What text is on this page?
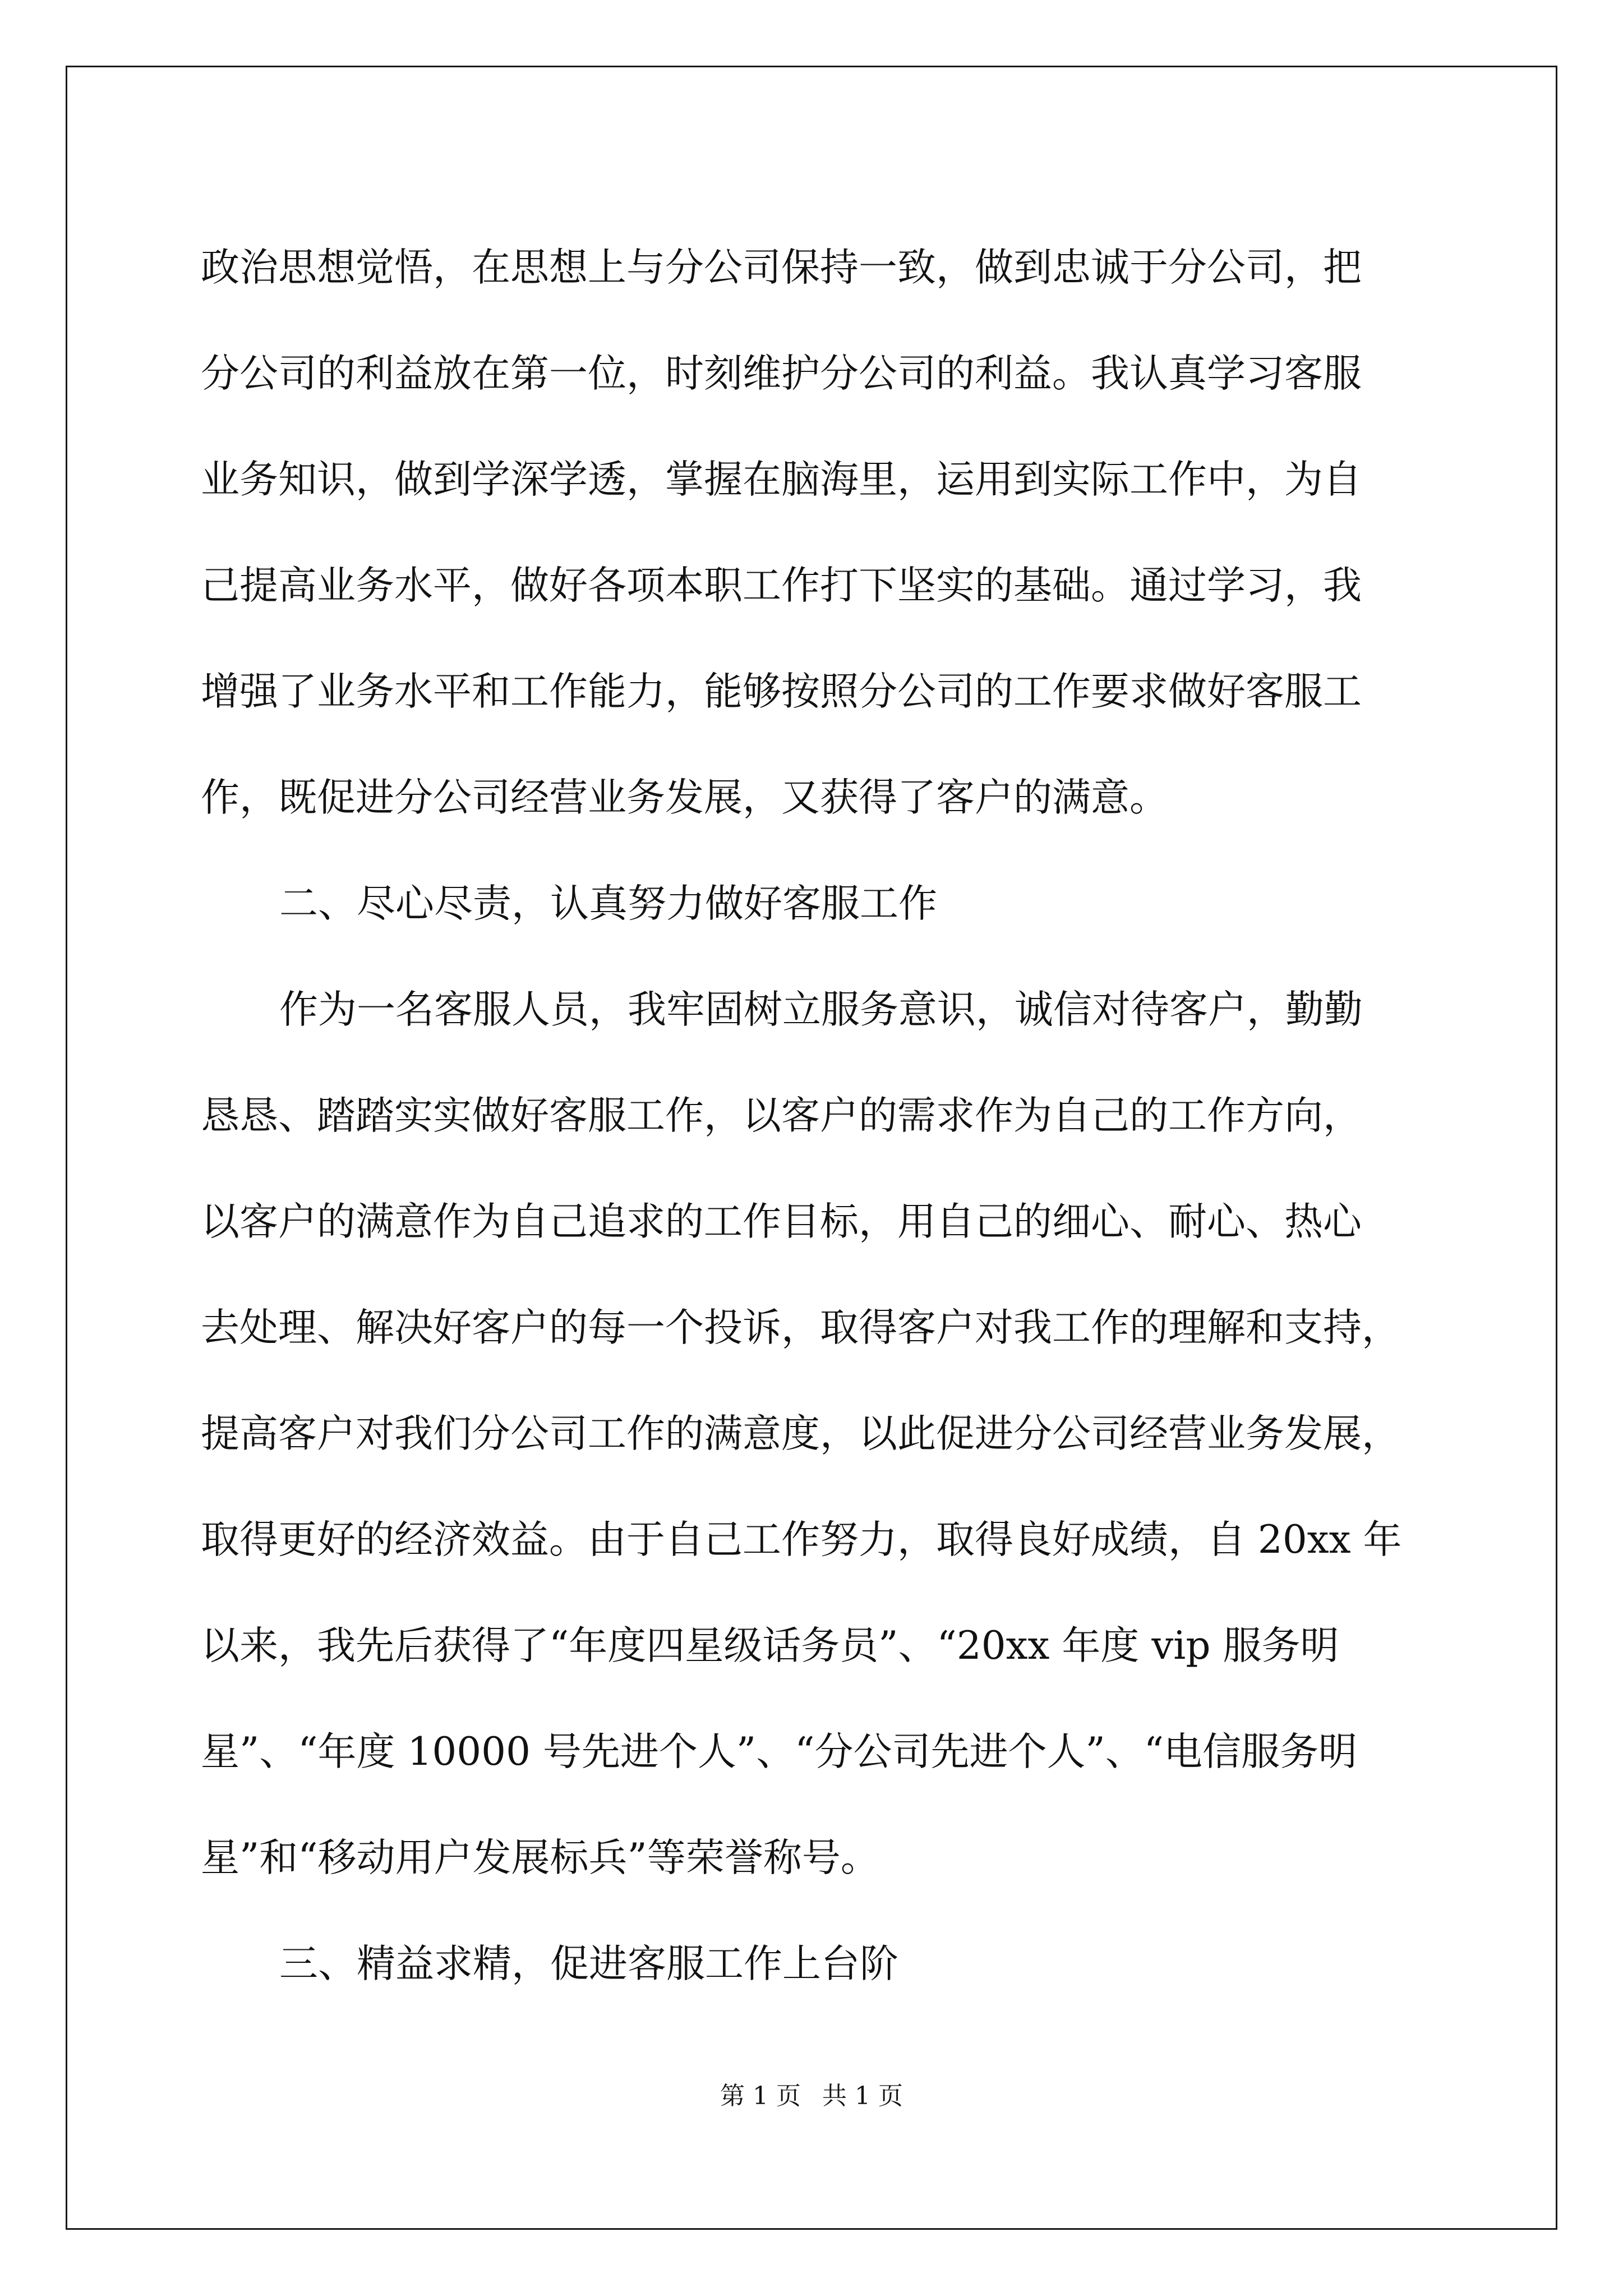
政治思想觉悟，在思想上与分公司保持一致，做到忠诚于分公司，把
分公司的利益放在第一位，时刻维护分公司的利益。我认真学习客服
业务知识，做到学深学透，掌握在脑海里，运用到实际工作中，为自
己提高业务水平，做好各项本职工作打下坚实的基础。通过学习，我
增强了业务水平和工作能力，能够按照分公司的工作要求做好客服工
作，既促进分公司经营业务发展，又获得了客户的满意。
二、尽心尽责，认真努力做好客服工作
作为一名客服人员，我牢固树立服务意识，诚信对待客户，勤勤
恳恳、踏踏实实做好客服工作，以客户的需求作为自己的工作方向，
以客户的满意作为自己追求的工作目标，用自己的细心、耐心、热心
去处理、解决好客户的每一个投诉，取得客户对我工作的理解和支持，
提高客户对我们分公司工作的满意度，以此促进分公司经营业务发展，
取得更好的经济效益。由于自己工作努力，取得良好成绩，自 20xx 年
以来，我先后获得了“年度四星级话务员”、“20xx 年度 vip 服务明
星”、“年度 10000 号先进个人”、“分公司先进个人”、“电信服务明
星”和“移动用户发展标兵”等荣誉称号。
三、精益求精，促进客服工作上台阶
第 1 页 共 1 页
